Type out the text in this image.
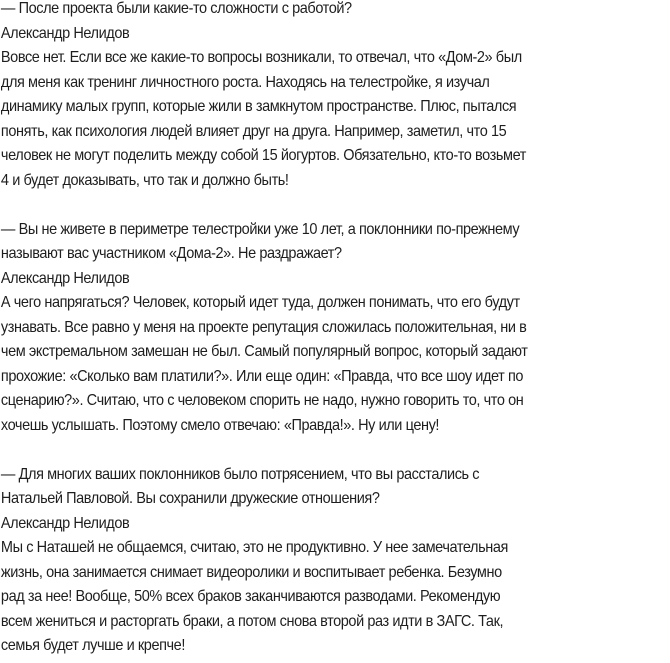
— После проекта были какие-то сложности с работой?
Александр Нелидов
Вовсе нет. Если все же какие-то вопросы возникали, то отвечал, что «Дом-2» был
для меня как тренинг личностного роста. Находясь на телестройке, я изучал
динамику малых групп, которые жили в замкнутом пространстве. Плюс, пытался
понять, как психология людей влияет друг на друга. Например, заметил, что 15
человек не могут поделить между собой 15 йогуртов. Обязательно, кто-то возьмет
4 и будет доказывать, что так и должно быть!
— Вы не живете в периметре телестройки уже 10 лет, а поклонники по-прежнему
называют вас участником «Дома-2». Не раздражает?
Александр Нелидов
А чего напрягаться? Человек, который идет туда, должен понимать, что его будут
узнавать. Все равно у меня на проекте репутация сложилась положительная, ни в
чем экстремальном замешан не был. Самый популярный вопрос, который задают
прохожие: «Сколько вам платили?». Или еще один: «Правда, что все шоу идет по
сценарию?». Считаю, что с человеком спорить не надо, нужно говорить то, что он
хочешь услышать. Поэтому смело отвечаю: «Правда!». Ну или цену!
— Для многих ваших поклонников было потрясением, что вы расстались с
Натальей Павловой. Вы сохранили дружеские отношения?
Александр Нелидов
Мы с Наташей не общаемся, считаю, это не продуктивно. У нее замечательная
жизнь, она занимается снимает видеоролики и воспитывает ребенка. Безумно
рад за нее! Вообще, 50% всех браков заканчиваются разводами. Рекомендую
всем жениться и расторгать браки, а потом снова второй раз идти в ЗАГС. Так,
семья будет лучше и крепче!
